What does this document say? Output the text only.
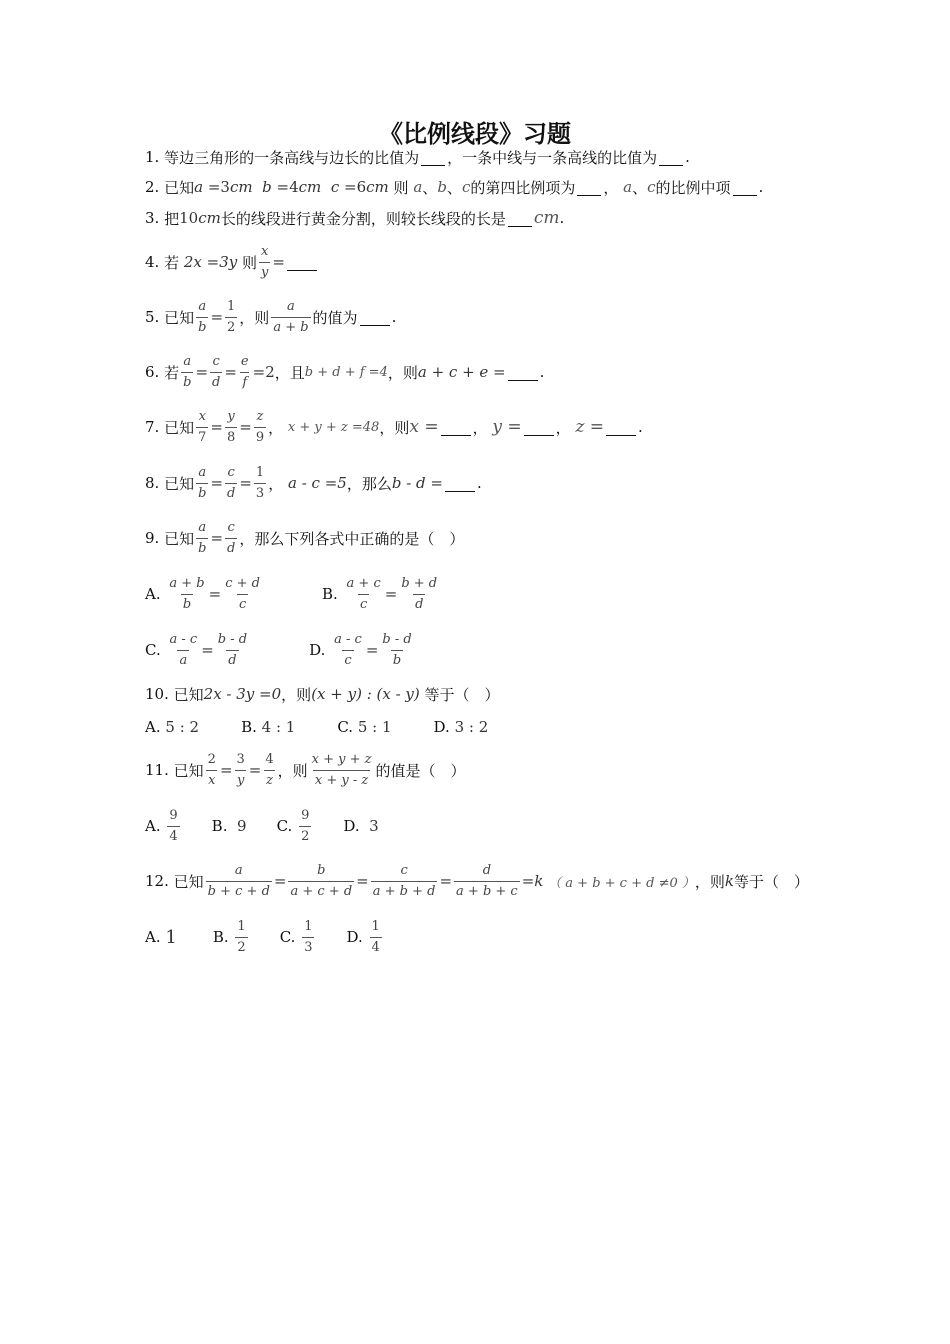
《比例线段》习题
1.
等边三角形的一条高线与边长的比值为 ，一条中线与一条高线的比值为 .
2.
已知 a
=3 cm
b
=4 cm
c
=6 cm
则
a 、 b 、 c 的第四比例项为 ，
a 、 c 的比例中项 .
3.
把 10 cm 长的线段进行黄金分割，则较长线段的长是 cm .
4.
若
2x =3y
则 $\frac{x}{y}$ =
5.
已知 $\frac{a}{b} = \frac{1}{2}$ ，则 $\frac{a}{a + b}$ 的值为 .
6.
若 $\frac{a}{b} = \frac{c}{d} = \frac{e}{f} =2$ ，且 b + d + f =4 ，则 a + c + e = .
7.
已知 $\frac{x}{7} = \frac{y}{8} = \frac{z}{9}$ ，
x + y + z =48 ，则 x = ，
y = ，
z = .
8.
已知 $\frac{a}{b} = \frac{c}{d} = \frac{1}{3}$ ，
a - c =5 ，那么 b - d = .
9.
已知 $\frac{a}{b} = \frac{c}{d}$ ，那么下列各式中正确的是（　）
A.
$\frac{a + b}{b} = \frac{c + d}{c}$	B.
$\frac{a + c}{c} = \frac{b + d}{d}$
C.
$\frac{a - c}{a} = \frac{b - d}{d}$	D.
$\frac{a - c}{c} = \frac{b - d}{b}$
10.
已知 2x - 3y =0 ，则 (x + y) : (x - y)
等于（　）
A.
5 : 2	B.
4 : 1	C.
5 : 1	D.
3 : 2
11.
已知 $\frac{2}{x} = \frac{3}{y} = \frac{4}{z}$ ，则 $\frac{x + y + z}{x + y - z}$ 的值是（　）
A.
$\frac{9}{4} B$.
9 C.
$\frac{9}{2} D$.
3
12.
已知 $\frac{a}{b + c + d} = \frac{b}{a + c + d} = \frac{c}{a + b + d} = \frac{d}{a + b + c} =k$
（ a + b + c + d ≠0 ） ，则 k 等于（　）
A.
1 B.
$\frac{1}{2} C$.
$\frac{1}{3} D$.
$\frac{1}{4}$
